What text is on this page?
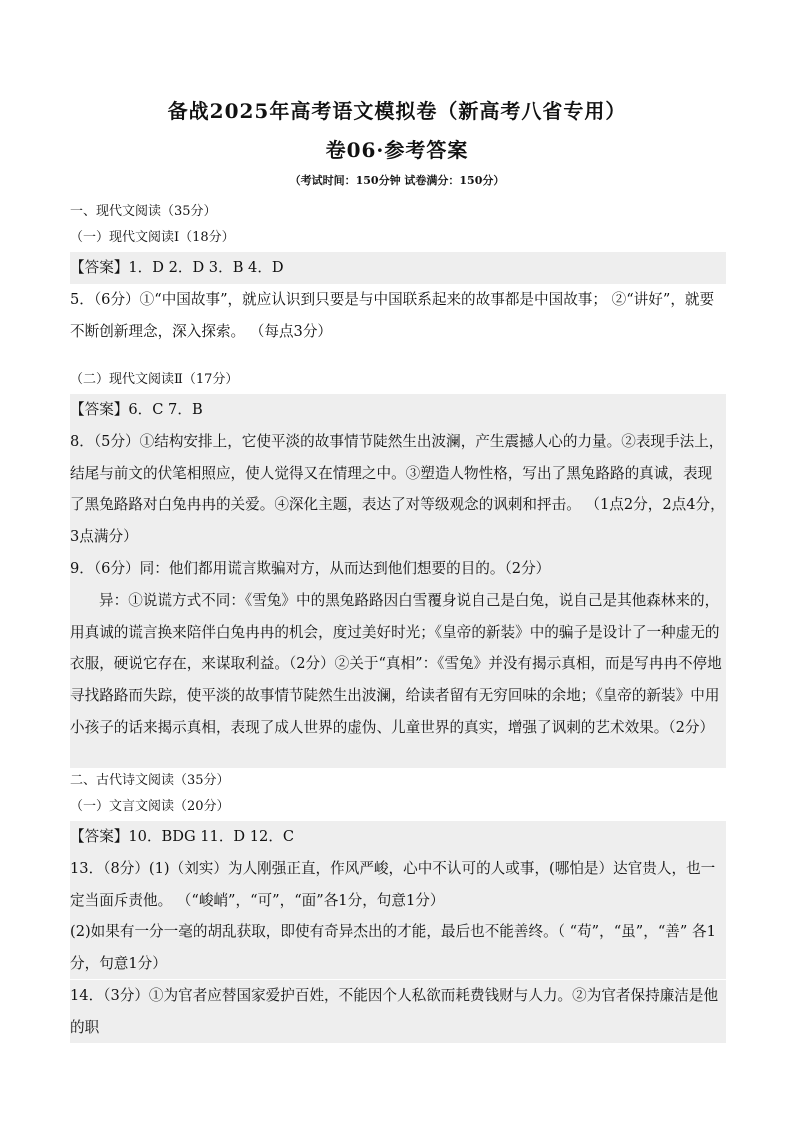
备战2025年高考语文模拟卷（新高考八省专用）
卷06·参考答案
（考试时间：150分钟 试卷满分：150分）
一、现代文阅读（35分）
（一）现代文阅读Ⅰ（18分）
【答案】1．D 2．D 3．B 4．D
5．（6分）①“中国故事”，就应认识到只要是与中国联系起来的故事都是中国故事； ②“讲好”，就要不断创新理念，深入探索。 （每点3分）
（二）现代文阅读Ⅱ（17分）
【答案】6．C 7．B
8．（5分）①结构安排上，它使平淡的故事情节陡然生出波澜，产生震撼人心的力量。②表现手法上，结尾与前文的伏笔相照应，使人觉得又在情理之中。③塑造人物性格，写出了黑兔路路的真诚，表现了黑兔路路对白兔冉冉的关爱。④深化主题，表达了对等级观念的讽刺和抨击。 （1点2分，2点4分，3点满分）
9．（6分）同：他们都用谎言欺骗对方，从而达到他们想要的目的。（2分）
异：①说谎方式不同：《雪兔》中的黑兔路路因白雪覆身说自己是白兔，说自己是其他森林来的，用真诚的谎言换来陪伴白兔冉冉的机会，度过美好时光；《皇帝的新装》中的骗子是设计了一种虚无的衣服，硬说它存在，来谋取利益。（2分）②关于“真相”：《雪兔》并没有揭示真相，而是写冉冉不停地寻找路路而失踪，使平淡的故事情节陡然生出波澜，给读者留有无穷回味的余地；《皇帝的新装》中用小孩子的话来揭示真相，表现了成人世界的虚伪、儿童世界的真实，增强了讽刺的艺术效果。（2分）
二、古代诗文阅读（35分）
（一）文言文阅读（20分）
【答案】10．BDG 11．D 12．C
13．（8分）(1)（刘实）为人刚强正直，作风严峻，心中不认可的人或事，(哪怕是）达官贵人，也一定当面斥责他。 （“峻峭”，“可”，“面”各1分，句意1分）
(2)如果有一分一毫的胡乱获取，即使有奇异杰出的才能，最后也不能善终。（ “苟”，“虽”，“善” 各1分，句意1分）
14．（3分）①为官者应替国家爱护百姓，不能因个人私欲而耗费钱财与人力。②为官者保持廉洁是他的职
